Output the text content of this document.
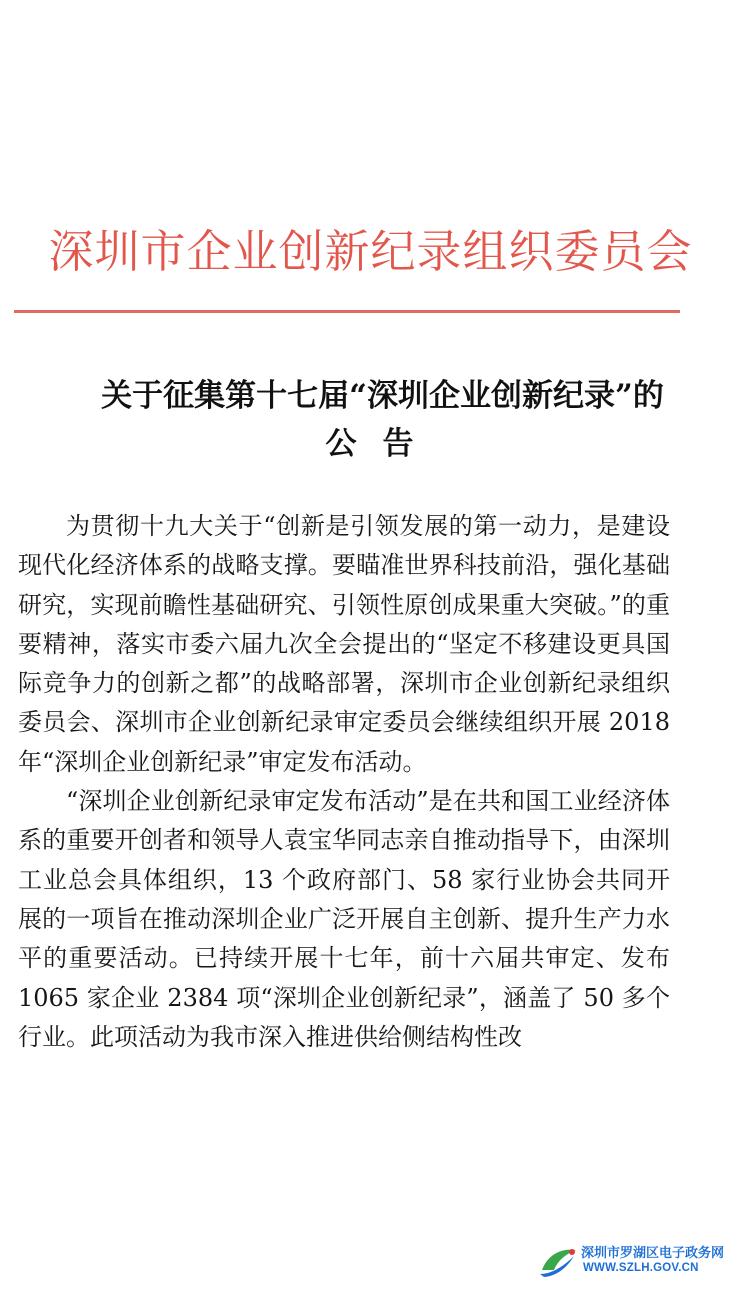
深圳市企业创新纪录组织委员会
关于征集第十七届“深圳企业创新纪录”的
公告

为贯彻十九大关于“创新是引领发展的第一动力，是建设现代化经济体系的战略支撑。要瞄准世界科技前沿，强化基础研究，实现前瞻性基础研究、引领性原创成果重大突破。”的重要精神，落实市委六届九次全会提出的“坚定不移建设更具国际竞争力的创新之都”的战略部署，深圳市企业创新纪录组织委员会、深圳市企业创新纪录审定委员会继续组织开展 2018 年“深圳企业创新纪录”审定发布活动。

“深圳企业创新纪录审定发布活动”是在共和国工业经济体系的重要开创者和领导人袁宝华同志亲自推动指导下，由深圳工业总会具体组织，13 个政府部门、58 家行业协会共同开展的一项旨在推动深圳企业广泛开展自主创新、提升生产力水平的重要活动。已持续开展十七年，前十六届共审定、发布 1065 家企业 2384 项“深圳企业创新纪录”，涵盖了 50 多个行业。此项活动为我市深入推进供给侧结构性改

深圳市罗湖区电子政务网
WWW.SZLH.GOV.CN
